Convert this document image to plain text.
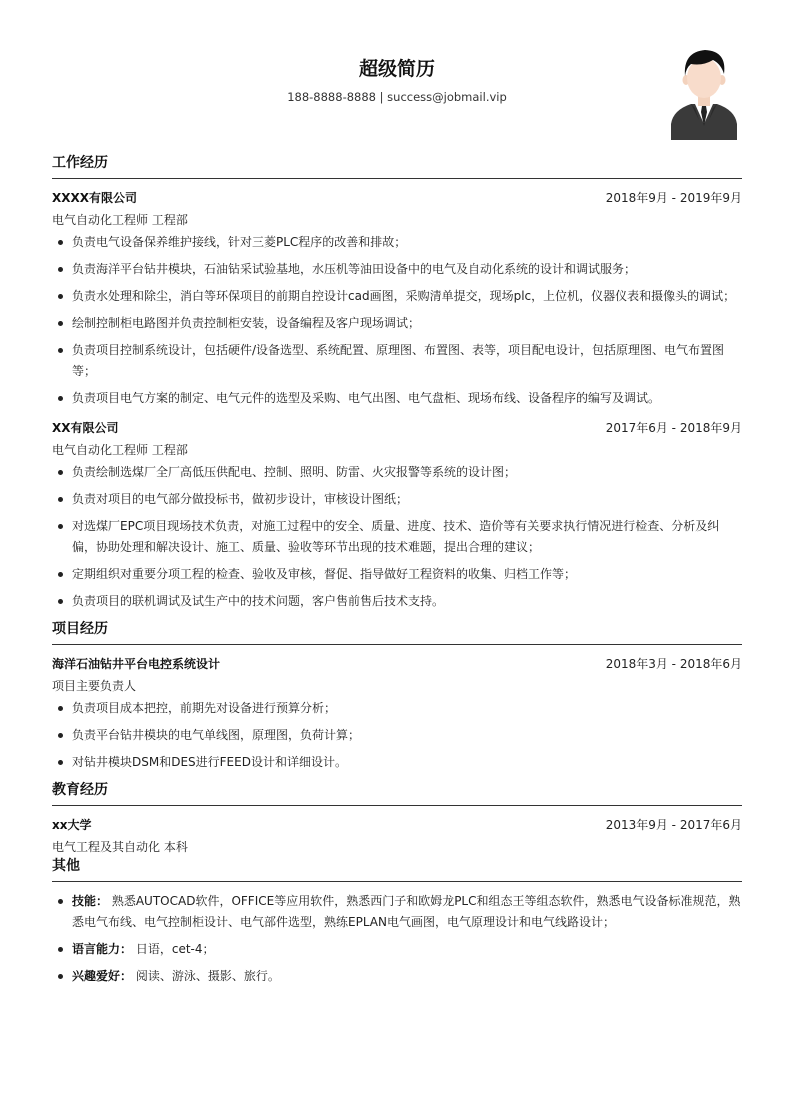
超级简历
188-8888-8888 | success@jobmail.vip
工作经历
XXXX有限公司	2018年9月 - 2019年9月
电气自动化工程师 工程部
负责电气设备保养维护接线，针对三菱PLC程序的改善和排故；
负责海洋平台钻井模块，石油钻采试验基地，水压机等油田设备中的电气及自动化系统的设计和调试服务；
负责水处理和除尘，消白等环保项目的前期自控设计cad画图，采购清单提交，现场plc，上位机，仪器仪表和摄像头的调试；
绘制控制柜电路图并负责控制柜安装，设备编程及客户现场调试；
负责项目控制系统设计，包括硬件/设备选型、系统配置、原理图、布置图、表等，项目配电设计，包括原理图、电气布置图等；
负责项目电气方案的制定、电气元件的选型及采购、电气出图、电气盘柜、现场布线、设备程序的编写及调试。
XX有限公司	2017年6月 - 2018年9月
电气自动化工程师 工程部
负责绘制选煤厂全厂高低压供配电、控制、照明、防雷、火灾报警等系统的设计图；
负责对项目的电气部分做投标书，做初步设计，审核设计图纸；
对选煤厂EPC项目现场技术负责，对施工过程中的安全、质量、进度、技术、造价等有关要求执行情况进行检查、分析及纠偏，协助处理和解决设计、施工、质量、验收等环节出现的技术难题，提出合理的建议；
定期组织对重要分项工程的检查、验收及审核，督促、指导做好工程资料的收集、归档工作等；
负责项目的联机调试及试生产中的技术问题，客户售前售后技术支持。
项目经历
海洋石油钻井平台电控系统设计	2018年3月 - 2018年6月
项目主要负责人
负责项目成本把控，前期先对设备进行预算分析；
负责平台钻井模块的电气单线图，原理图，负荷计算；
对钻井模块DSM和DES进行FEED设计和详细设计。
教育经历
xx大学	2013年9月 - 2017年6月
电气工程及其自动化 本科
其他
技能： 熟悉AUTOCAD软件，OFFICE等应用软件，熟悉西门子和欧姆龙PLC和组态王等组态软件，熟悉电气设备标准规范，熟悉电气布线、电气控制柜设计、电气部件选型，熟练EPLAN电气画图，电气原理设计和电气线路设计；
语言能力： 日语，cet-4；
兴趣爱好： 阅读、游泳、摄影、旅行。
